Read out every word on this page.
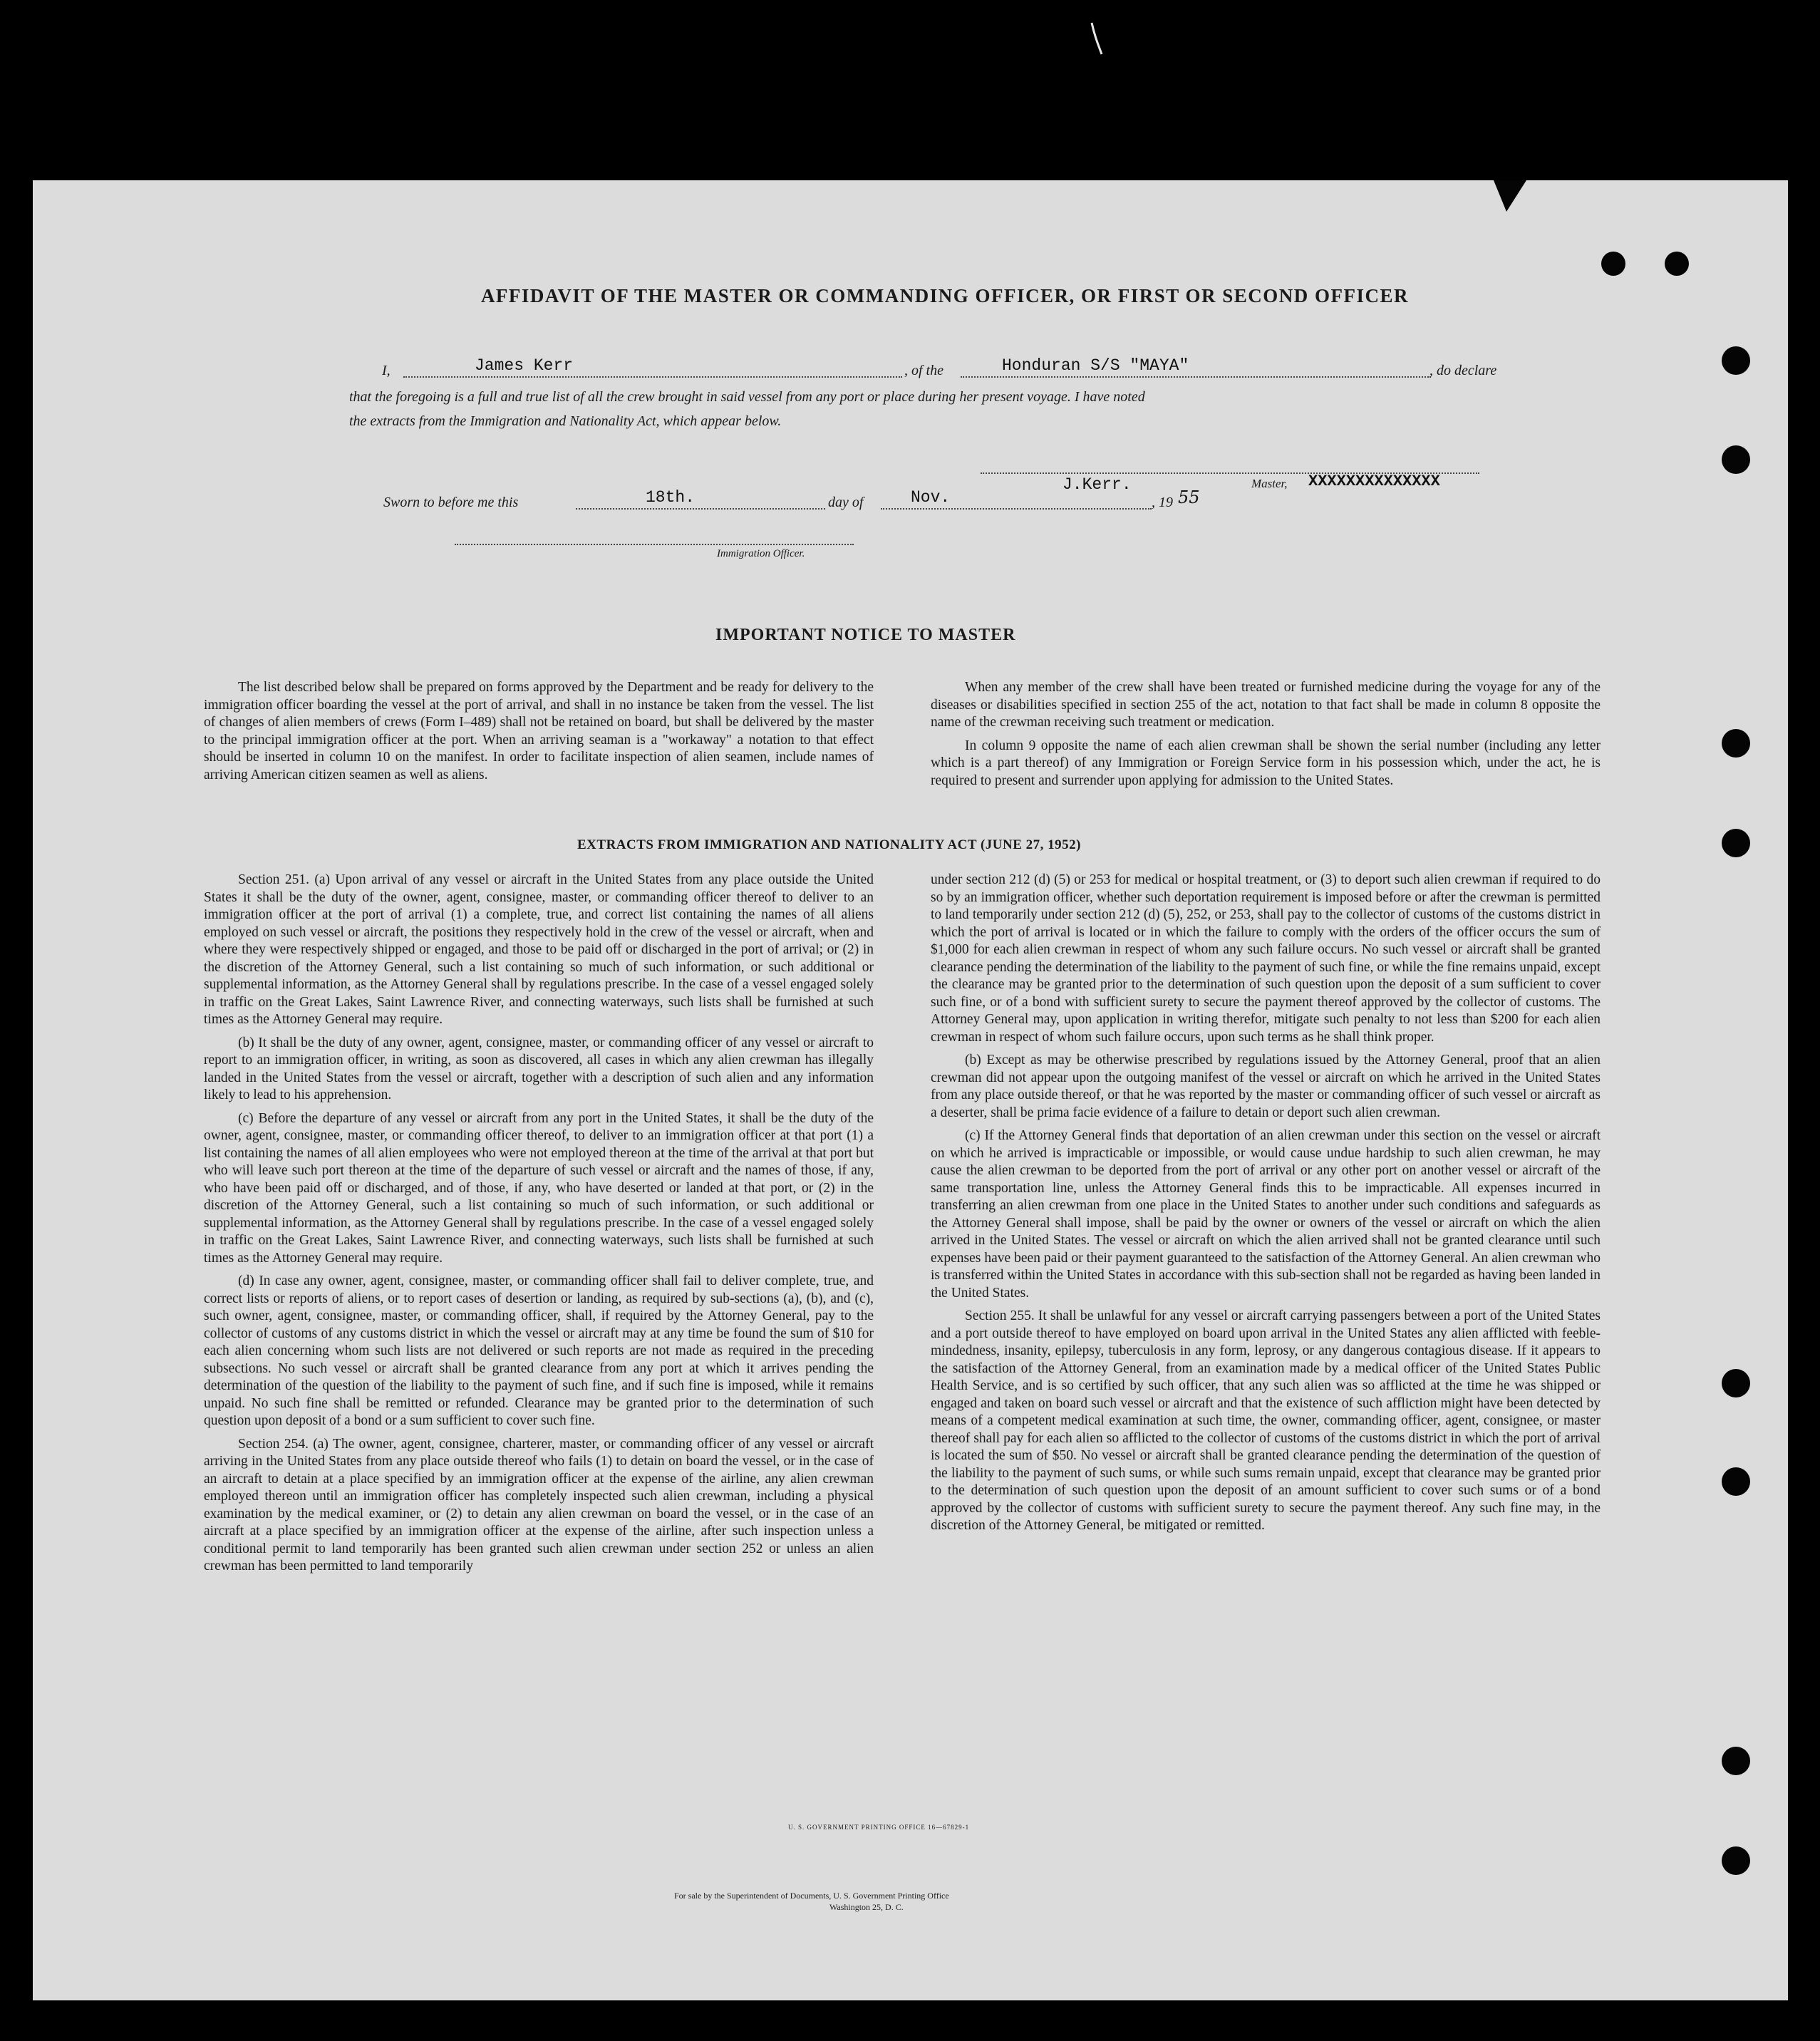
AFFIDAVIT OF THE MASTER OR COMMANDING OFFICER, OR FIRST OR SECOND OFFICER
I,	James Kerr	, of the	Honduran S/S "MAYA"	, do declare
that the foregoing is a full and true list of all the crew brought in said vessel from any port or place during her present voyage. I have noted
the extracts from the Immigration and Nationality Act, which appear below.
J.Kerr.	Master, XXXXXXXXXXXXXX
Sworn to before me this	18th.	day of	Nov.	, 19 55
Immigration Officer.
IMPORTANT NOTICE TO MASTER

The list described below shall be prepared on forms approved by the Department and be ready for delivery to the immigration officer boarding the vessel at the port of arrival, and shall in no instance be taken from the vessel. The list of changes of alien members of crews (Form I–489) shall not be retained on board, but shall be delivered by the master to the principal immigration officer at the port. When an arriving seaman is a "workaway" a notation to that effect should be inserted in column 10 on the manifest. In order to facilitate inspection of alien seamen, include names of arriving American citizen seamen as well as aliens.

When any member of the crew shall have been treated or furnished medicine during the voyage for any of the diseases or disabilities specified in section 255 of the act, notation to that fact shall be made in column 8 opposite the name of the crewman receiving such treatment or medication.

In column 9 opposite the name of each alien crewman shall be shown the serial number (including any letter which is a part thereof) of any Immigration or Foreign Service form in his possession which, under the act, he is required to present and surrender upon applying for admission to the United States.

EXTRACTS FROM IMMIGRATION AND NATIONALITY ACT (JUNE 27, 1952)

Section 251. (a) Upon arrival of any vessel or aircraft in the United States from any place outside the United States it shall be the duty of the owner, agent, consignee, master, or commanding officer thereof to deliver to an immigration officer at the port of arrival (1) a complete, true, and correct list containing the names of all aliens employed on such vessel or aircraft, the positions they respectively hold in the crew of the vessel or aircraft, when and where they were respectively shipped or engaged, and those to be paid off or discharged in the port of arrival; or (2) in the discretion of the Attorney General, such a list containing so much of such information, or such additional or supplemental information, as the Attorney General shall by regulations prescribe. In the case of a vessel engaged solely in traffic on the Great Lakes, Saint Lawrence River, and connecting waterways, such lists shall be furnished at such times as the Attorney General may require.

(b) It shall be the duty of any owner, agent, consignee, master, or commanding officer of any vessel or aircraft to report to an immigration officer, in writing, as soon as discovered, all cases in which any alien crewman has illegally landed in the United States from the vessel or aircraft, together with a description of such alien and any information likely to lead to his apprehension.

(c) Before the departure of any vessel or aircraft from any port in the United States, it shall be the duty of the owner, agent, consignee, master, or commanding officer thereof, to deliver to an immigration officer at that port (1) a list containing the names of all alien employees who were not employed thereon at the time of the arrival at that port but who will leave such port thereon at the time of the departure of such vessel or aircraft and the names of those, if any, who have been paid off or discharged, and of those, if any, who have deserted or landed at that port, or (2) in the discretion of the Attorney General, such a list containing so much of such information, or such additional or supplemental information, as the Attorney General shall by regulations prescribe. In the case of a vessel engaged solely in traffic on the Great Lakes, Saint Lawrence River, and connecting waterways, such lists shall be furnished at such times as the Attorney General may require.

(d) In case any owner, agent, consignee, master, or commanding officer shall fail to deliver complete, true, and correct lists or reports of aliens, or to report cases of desertion or landing, as required by sub-sections (a), (b), and (c), such owner, agent, consignee, master, or commanding officer, shall, if required by the Attorney General, pay to the collector of customs of any customs district in which the vessel or aircraft may at any time be found the sum of $10 for each alien concerning whom such lists are not delivered or such reports are not made as required in the preceding subsections. No such vessel or aircraft shall be granted clearance from any port at which it arrives pending the determination of the question of the liability to the payment of such fine, and if such fine is imposed, while it remains unpaid. No such fine shall be remitted or refunded. Clearance may be granted prior to the determination of such question upon deposit of a bond or a sum sufficient to cover such fine.

Section 254. (a) The owner, agent, consignee, charterer, master, or commanding officer of any vessel or aircraft arriving in the United States from any place outside thereof who fails (1) to detain on board the vessel, or in the case of an aircraft to detain at a place specified by an immigration officer at the expense of the airline, any alien crewman employed thereon until an immigration officer has completely inspected such alien crewman, including a physical examination by the medical examiner, or (2) to detain any alien crewman on board the vessel, or in the case of an aircraft at a place specified by an immigration officer at the expense of the airline, after such inspection unless a conditional permit to land temporarily has been granted such alien crewman under section 252 or unless an alien crewman has been permitted to land temporarily

under section 212 (d) (5) or 253 for medical or hospital treatment, or (3) to deport such alien crewman if required to do so by an immigration officer, whether such deportation requirement is imposed before or after the crewman is permitted to land temporarily under section 212 (d) (5), 252, or 253, shall pay to the collector of customs of the customs district in which the port of arrival is located or in which the failure to comply with the orders of the officer occurs the sum of $1,000 for each alien crewman in respect of whom any such failure occurs. No such vessel or aircraft shall be granted clearance pending the determination of the liability to the payment of such fine, or while the fine remains unpaid, except the clearance may be granted prior to the determination of such question upon the deposit of a sum sufficient to cover such fine, or of a bond with sufficient surety to secure the payment thereof approved by the collector of customs. The Attorney General may, upon application in writing therefor, mitigate such penalty to not less than $200 for each alien crewman in respect of whom such failure occurs, upon such terms as he shall think proper.

(b) Except as may be otherwise prescribed by regulations issued by the Attorney General, proof that an alien crewman did not appear upon the outgoing manifest of the vessel or aircraft on which he arrived in the United States from any place outside thereof, or that he was reported by the master or commanding officer of such vessel or aircraft as a deserter, shall be prima facie evidence of a failure to detain or deport such alien crewman.

(c) If the Attorney General finds that deportation of an alien crewman under this section on the vessel or aircraft on which he arrived is impracticable or impossible, or would cause undue hardship to such alien crewman, he may cause the alien crewman to be deported from the port of arrival or any other port on another vessel or aircraft of the same transportation line, unless the Attorney General finds this to be impracticable. All expenses incurred in transferring an alien crewman from one place in the United States to another under such conditions and safeguards as the Attorney General shall impose, shall be paid by the owner or owners of the vessel or aircraft on which the alien arrived in the United States. The vessel or aircraft on which the alien arrived shall not be granted clearance until such expenses have been paid or their payment guaranteed to the satisfaction of the Attorney General. An alien crewman who is transferred within the United States in accordance with this sub-section shall not be regarded as having been landed in the United States.

Section 255. It shall be unlawful for any vessel or aircraft carrying passengers between a port of the United States and a port outside thereof to have employed on board upon arrival in the United States any alien afflicted with feeble-mindedness, insanity, epilepsy, tuberculosis in any form, leprosy, or any dangerous contagious disease. If it appears to the satisfaction of the Attorney General, from an examination made by a medical officer of the United States Public Health Service, and is so certified by such officer, that any such alien was so afflicted at the time he was shipped or engaged and taken on board such vessel or aircraft and that the existence of such affliction might have been detected by means of a competent medical examination at such time, the owner, commanding officer, agent, consignee, or master thereof shall pay for each alien so afflicted to the collector of customs of the customs district in which the port of arrival is located the sum of $50. No vessel or aircraft shall be granted clearance pending the determination of the question of the liability to the payment of such sums, or while such sums remain unpaid, except that clearance may be granted prior to the determination of such question upon the deposit of an amount sufficient to cover such sums or of a bond approved by the collector of customs with sufficient surety to secure the payment thereof. Any such fine may, in the discretion of the Attorney General, be mitigated or remitted.

U. S. GOVERNMENT PRINTING OFFICE 16—67829-1
For sale by the Superintendent of Documents, U. S. Government Printing Office
Washington 25, D. C.
